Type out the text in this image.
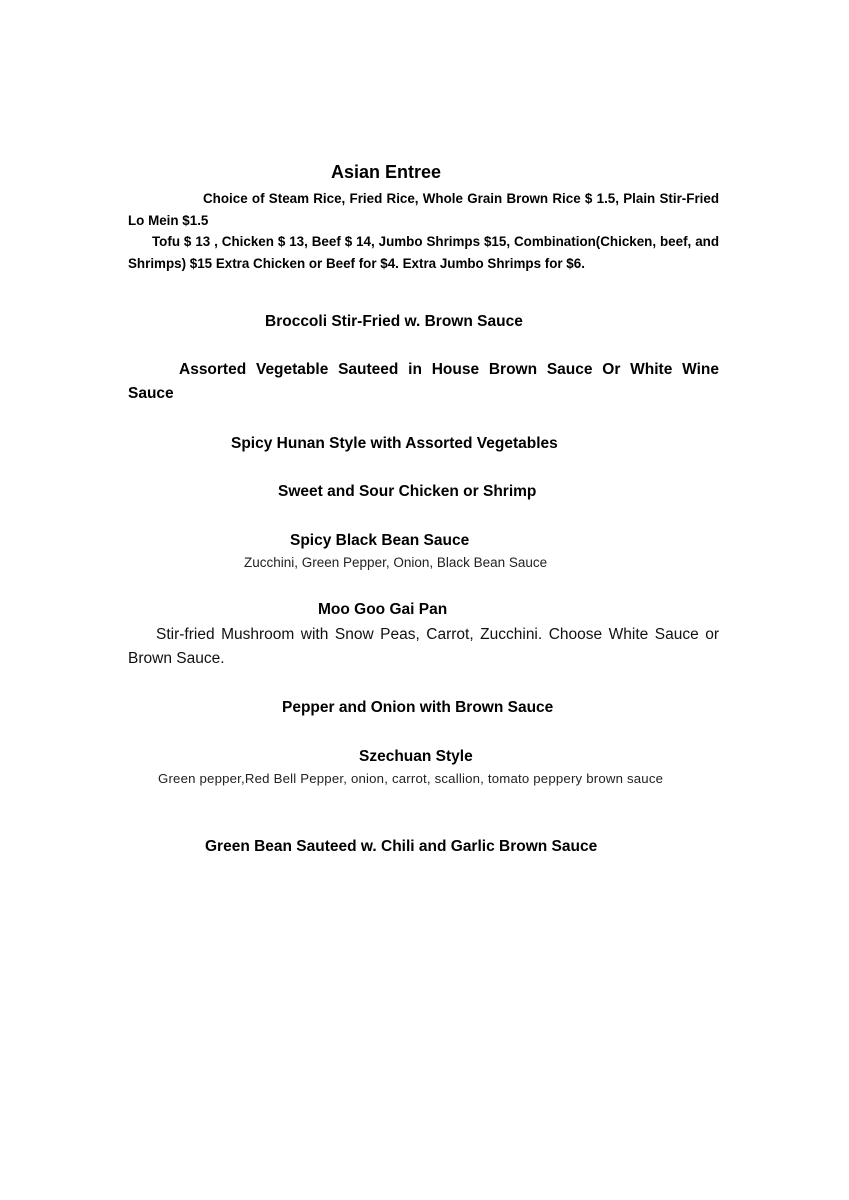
Asian Entree

Choice of Steam Rice, Fried Rice, Whole Grain Brown Rice $ 1.5, Plain Stir-Fried Lo Mein $1.5

Tofu $ 13 , Chicken $ 13, Beef $ 14, Jumbo Shrimps $15, Combination(Chicken, beef, and Shrimps) $15 Extra Chicken or Beef for $4. Extra Jumbo Shrimps for $6.

Broccoli Stir-Fried w. Brown Sauce
Assorted Vegetable Sauteed in House Brown Sauce Or White Wine Sauce
Spicy Hunan Style with Assorted Vegetables
Sweet and Sour Chicken or Shrimp
Spicy Black Bean Sauce
Zucchini, Green Pepper, Onion, Black Bean Sauce
Moo Goo Gai Pan
Stir-fried Mushroom with Snow Peas, Carrot, Zucchini. Choose White Sauce or Brown Sauce.
Pepper and Onion with Brown Sauce
Szechuan Style
Green pepper,Red Bell Pepper, onion, carrot, scallion, tomato peppery brown sauce
Green Bean Sauteed w. Chili and Garlic Brown Sauce
